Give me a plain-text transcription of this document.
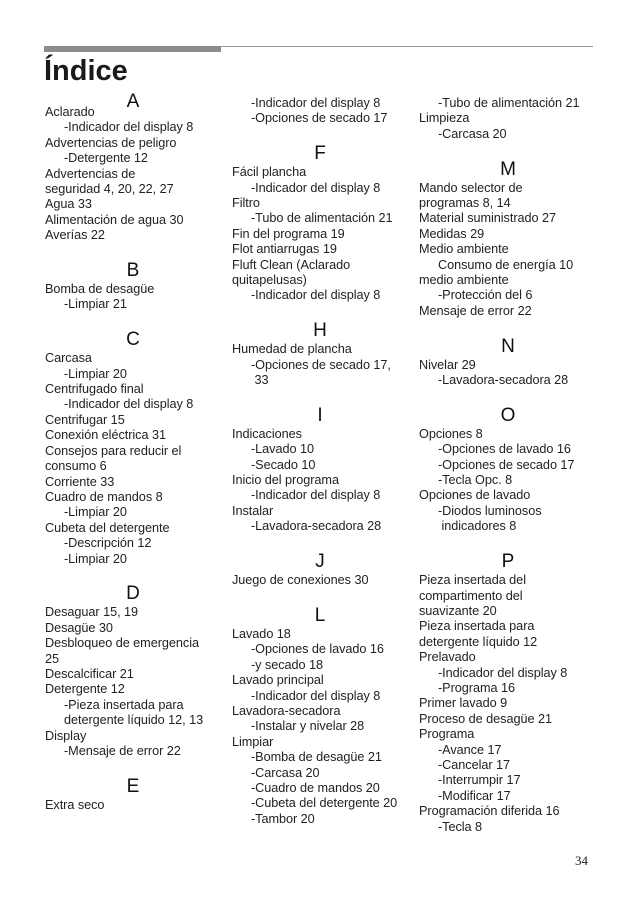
Índice
A
Aclarado
-Indicador del display 8
Advertencias de peligro
-Detergente 12
Advertencias de
seguridad 4, 20, 22, 27
Agua 33
Alimentación de agua 30
Averías 22
B
Bomba de desagüe
-Limpiar 21
C
Carcasa
-Limpiar 20
Centrifugado final
-Indicador del display 8
Centrifugar 15
Conexión eléctrica 31
Consejos para reducir el
consumo 6
Corriente 33
Cuadro de mandos 8
-Limpiar 20
Cubeta del detergente
-Descripción 12
-Limpiar 20
D
Desaguar 15, 19
Desagüe 30
Desbloqueo de emergencia
25
Descalcificar 21
Detergente 12
-Pieza insertada para
detergente líquido 12, 13
Display
-Mensaje de error 22
E
Extra seco
-Indicador del display 8
-Opciones de secado 17
F
Fácil plancha
-Indicador del display 8
Filtro
-Tubo de alimentación 21
Fin del programa 19
Flot antiarrugas 19
Fluft Clean (Aclarado
quitapelusas)
-Indicador del display 8
H
Humedad de plancha
-Opciones de secado 17,
33
I
Indicaciones
-Lavado 10
-Secado 10
Inicio del programa
-Indicador del display 8
Instalar
-Lavadora-secadora 28
J
Juego de conexiones 30
L
Lavado 18
-Opciones de lavado 16
-y secado 18
Lavado principal
-Indicador del display 8
Lavadora-secadora
-Instalar y nivelar 28
Limpiar
-Bomba de desagüe 21
-Carcasa 20
-Cuadro de mandos 20
-Cubeta del detergente 20
-Tambor 20
-Tubo de alimentación 21
Limpieza
-Carcasa 20
M
Mando selector de
programas 8, 14
Material suministrado 27
Medidas 29
Medio ambiente
Consumo de energía 10
medio ambiente
-Protección del 6
Mensaje de error 22
N
Nivelar 29
-Lavadora-secadora 28
O
Opciones 8
-Opciones de lavado 16
-Opciones de secado 17
-Tecla Opc. 8
Opciones de lavado
-Diodos luminosos
indicadores 8
P
Pieza insertada del
compartimento del
suavizante 20
Pieza insertada para
detergente líquido 12
Prelavado
-Indicador del display 8
-Programa 16
Primer lavado 9
Proceso de desagüe 21
Programa
-Avance 17
-Cancelar 17
-Interrumpir 17
-Modificar 17
Programación diferida 16
-Tecla 8
34
